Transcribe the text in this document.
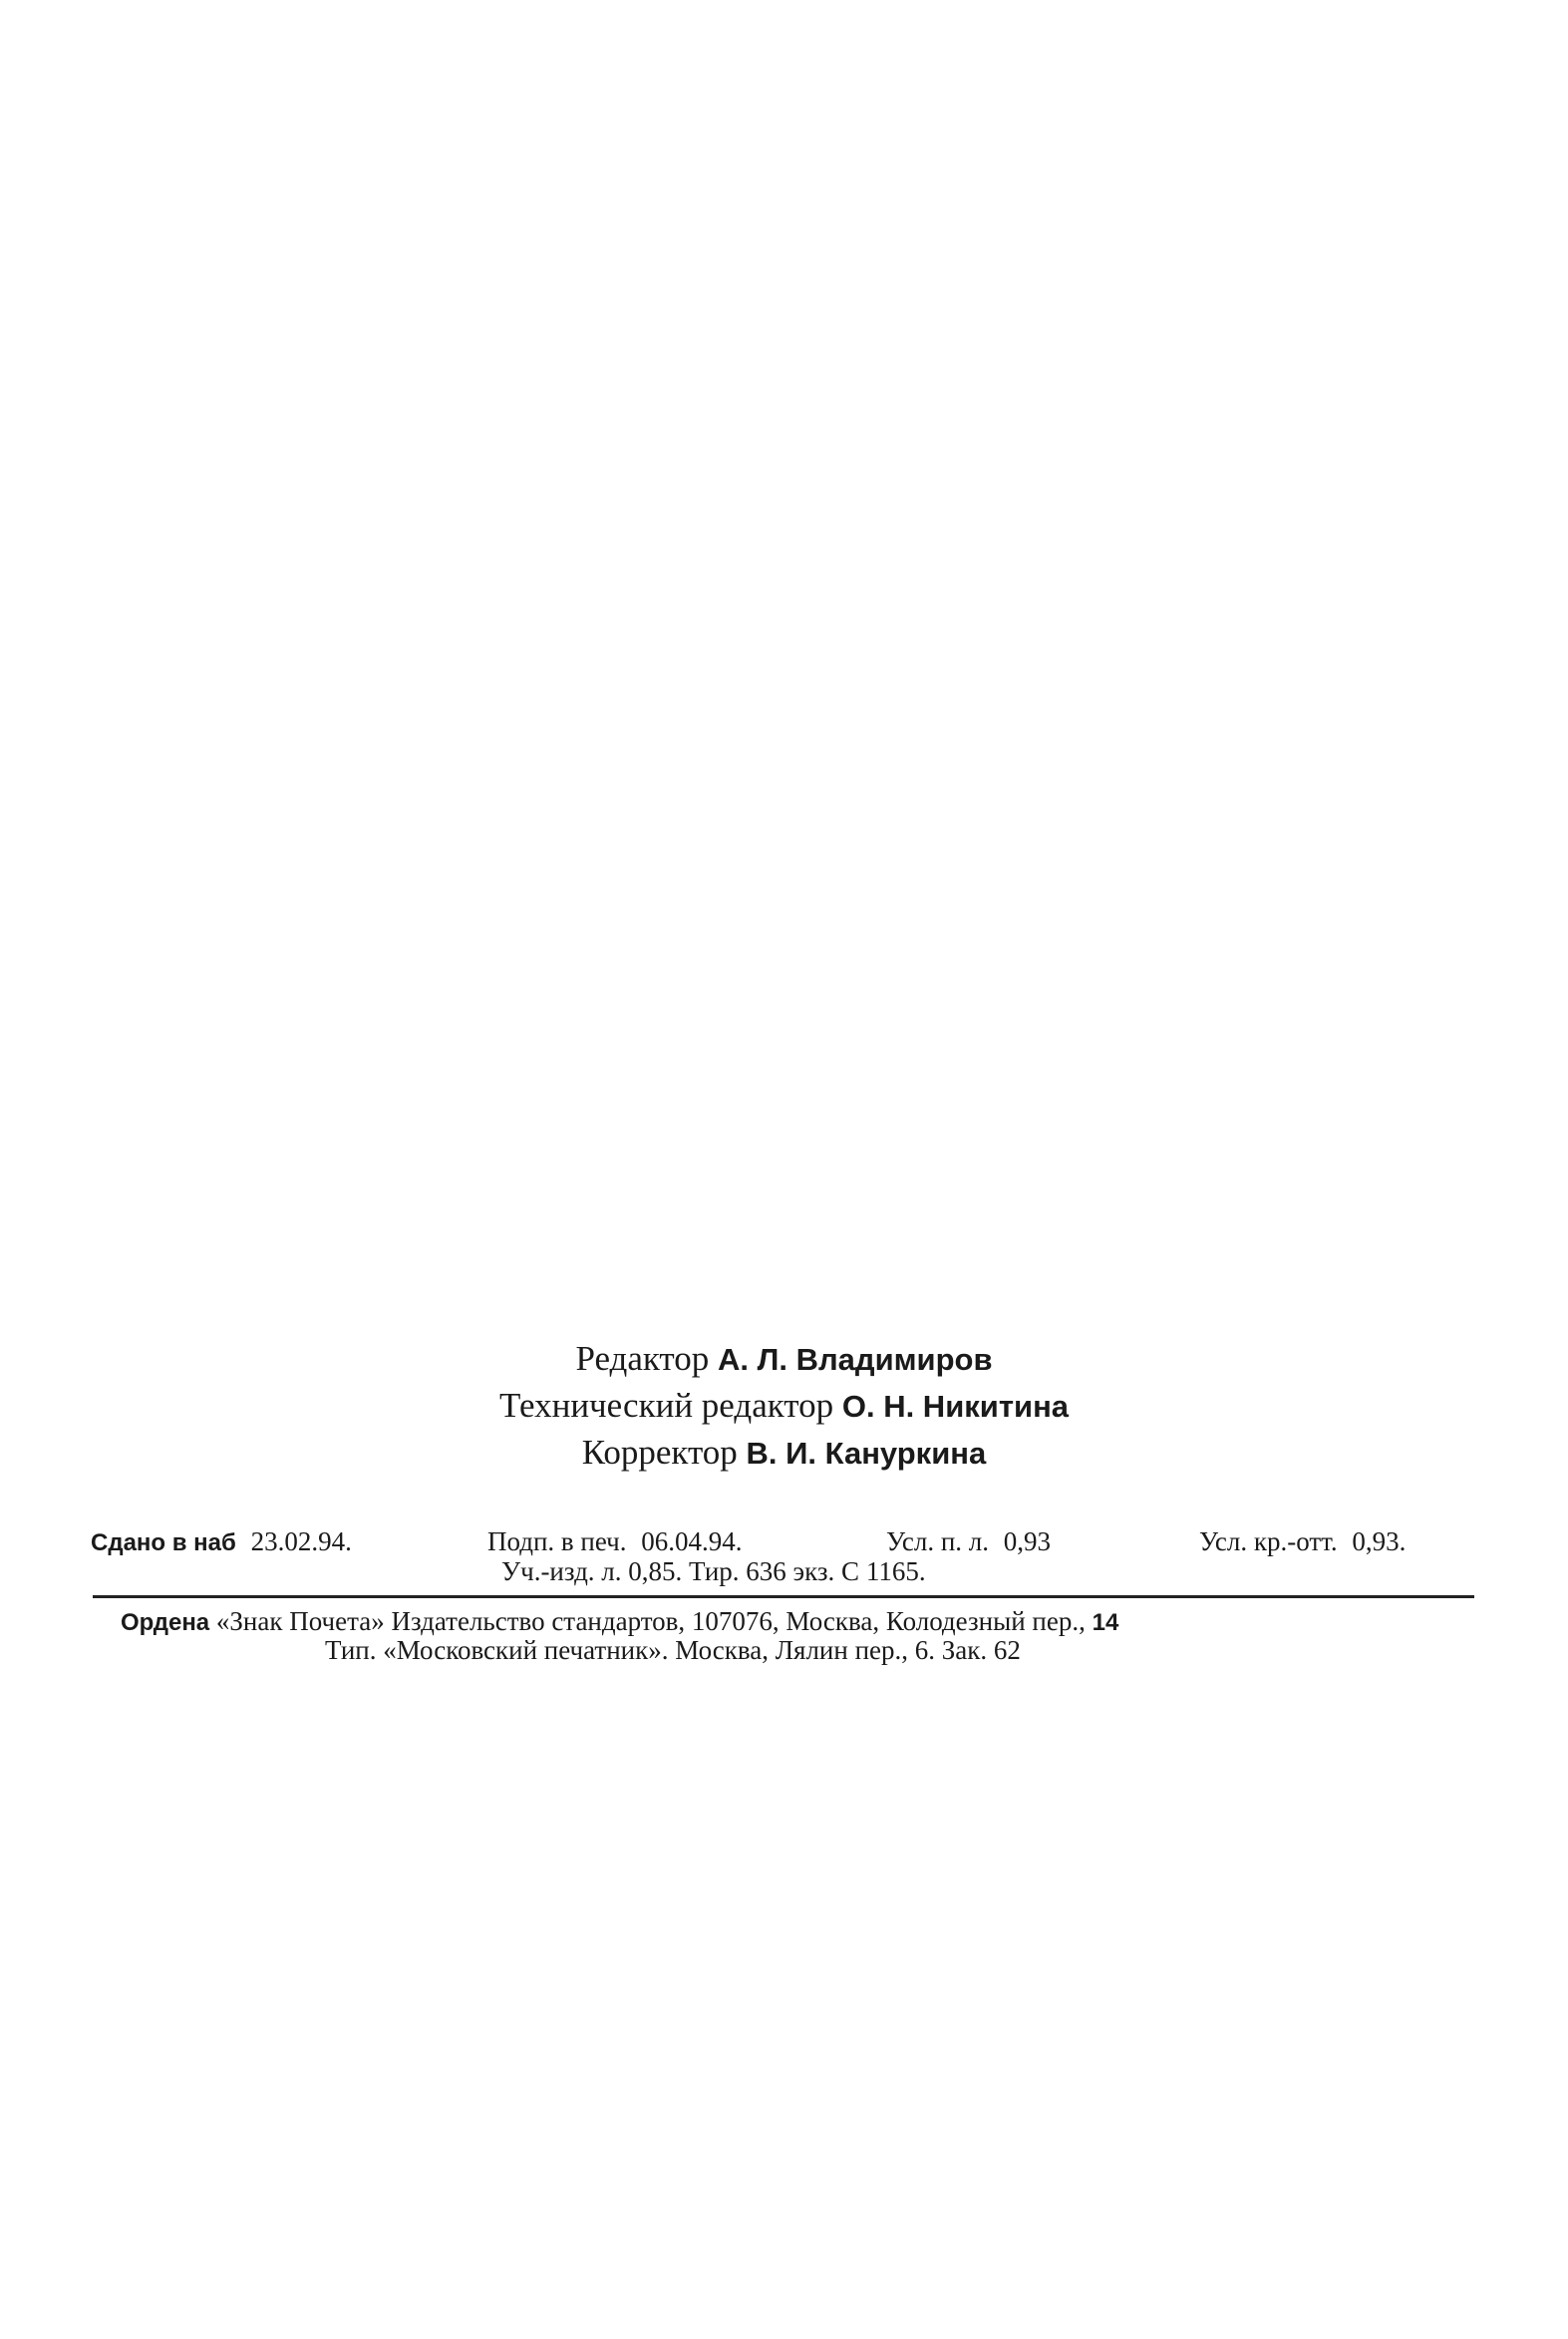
Редактор А. Л. Владимиров
Технический редактор О. Н. Никитина
Корректор В. И. Кануркина
Сдано в наб 23.02.94.	Подп. в печ. 06.04.94.	Усл. п. л. 0,93	Усл. кр.-отт. 0,93.
Уч.-изд. л. 0,85. Тир. 636 экз. С 1165.
Ордена «Знак Почета» Издательство стандартов, 107076, Москва, Колодезный пер., 14
Тип. «Московский печатник». Москва, Лялин пер., 6. Зак. 62
